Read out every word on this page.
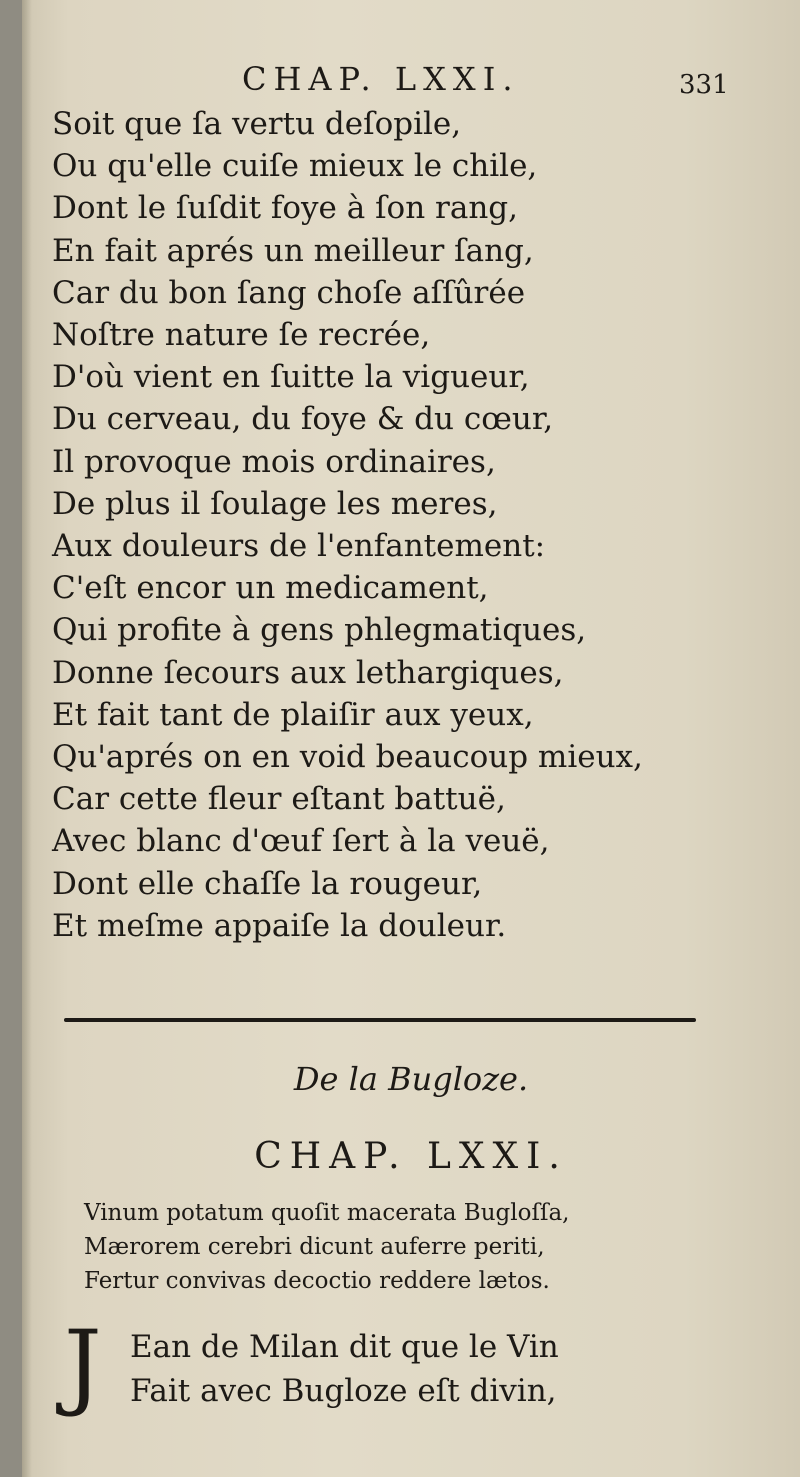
CHAP. LXXI.	331
Soit que ſa vertu deſopile,
Ou qu'elle cuiſe mieux le chile,
Dont le ſuſdit foye à ſon rang,
En fait aprés un meilleur ſang,
Car du bon ſang choſe aſſûrée
Noſtre nature ſe recrée,
D'où vient en ſuitte la vigueur,
Du cerveau, du foye & du cœur,
Il provoque mois ordinaires,
De plus il ſoulage les meres,
Aux douleurs de l'enfantement:
C'eſt encor un medicament,
Qui profite à gens phlegmatiques,
Donne ſecours aux lethargiques,
Et fait tant de plaiſir aux yeux,
Qu'aprés on en void beaucoup mieux,
Car cette fleur eſtant battuë,
Avec blanc d'œuf ſert à la veuë,
Dont elle chaſſe la rougeur,
Et meſme appaiſe la douleur.
De la Bugloze.
CHAP. LXXI.
Vinum potatum quoſit macerata Bugloſſa,
Mærorem cerebri dicunt auferre periti,
Fertur convivas decoctio reddere lætos.
J Ean de Milan dit que le Vin
Fait avec Bugloze eſt divin,
